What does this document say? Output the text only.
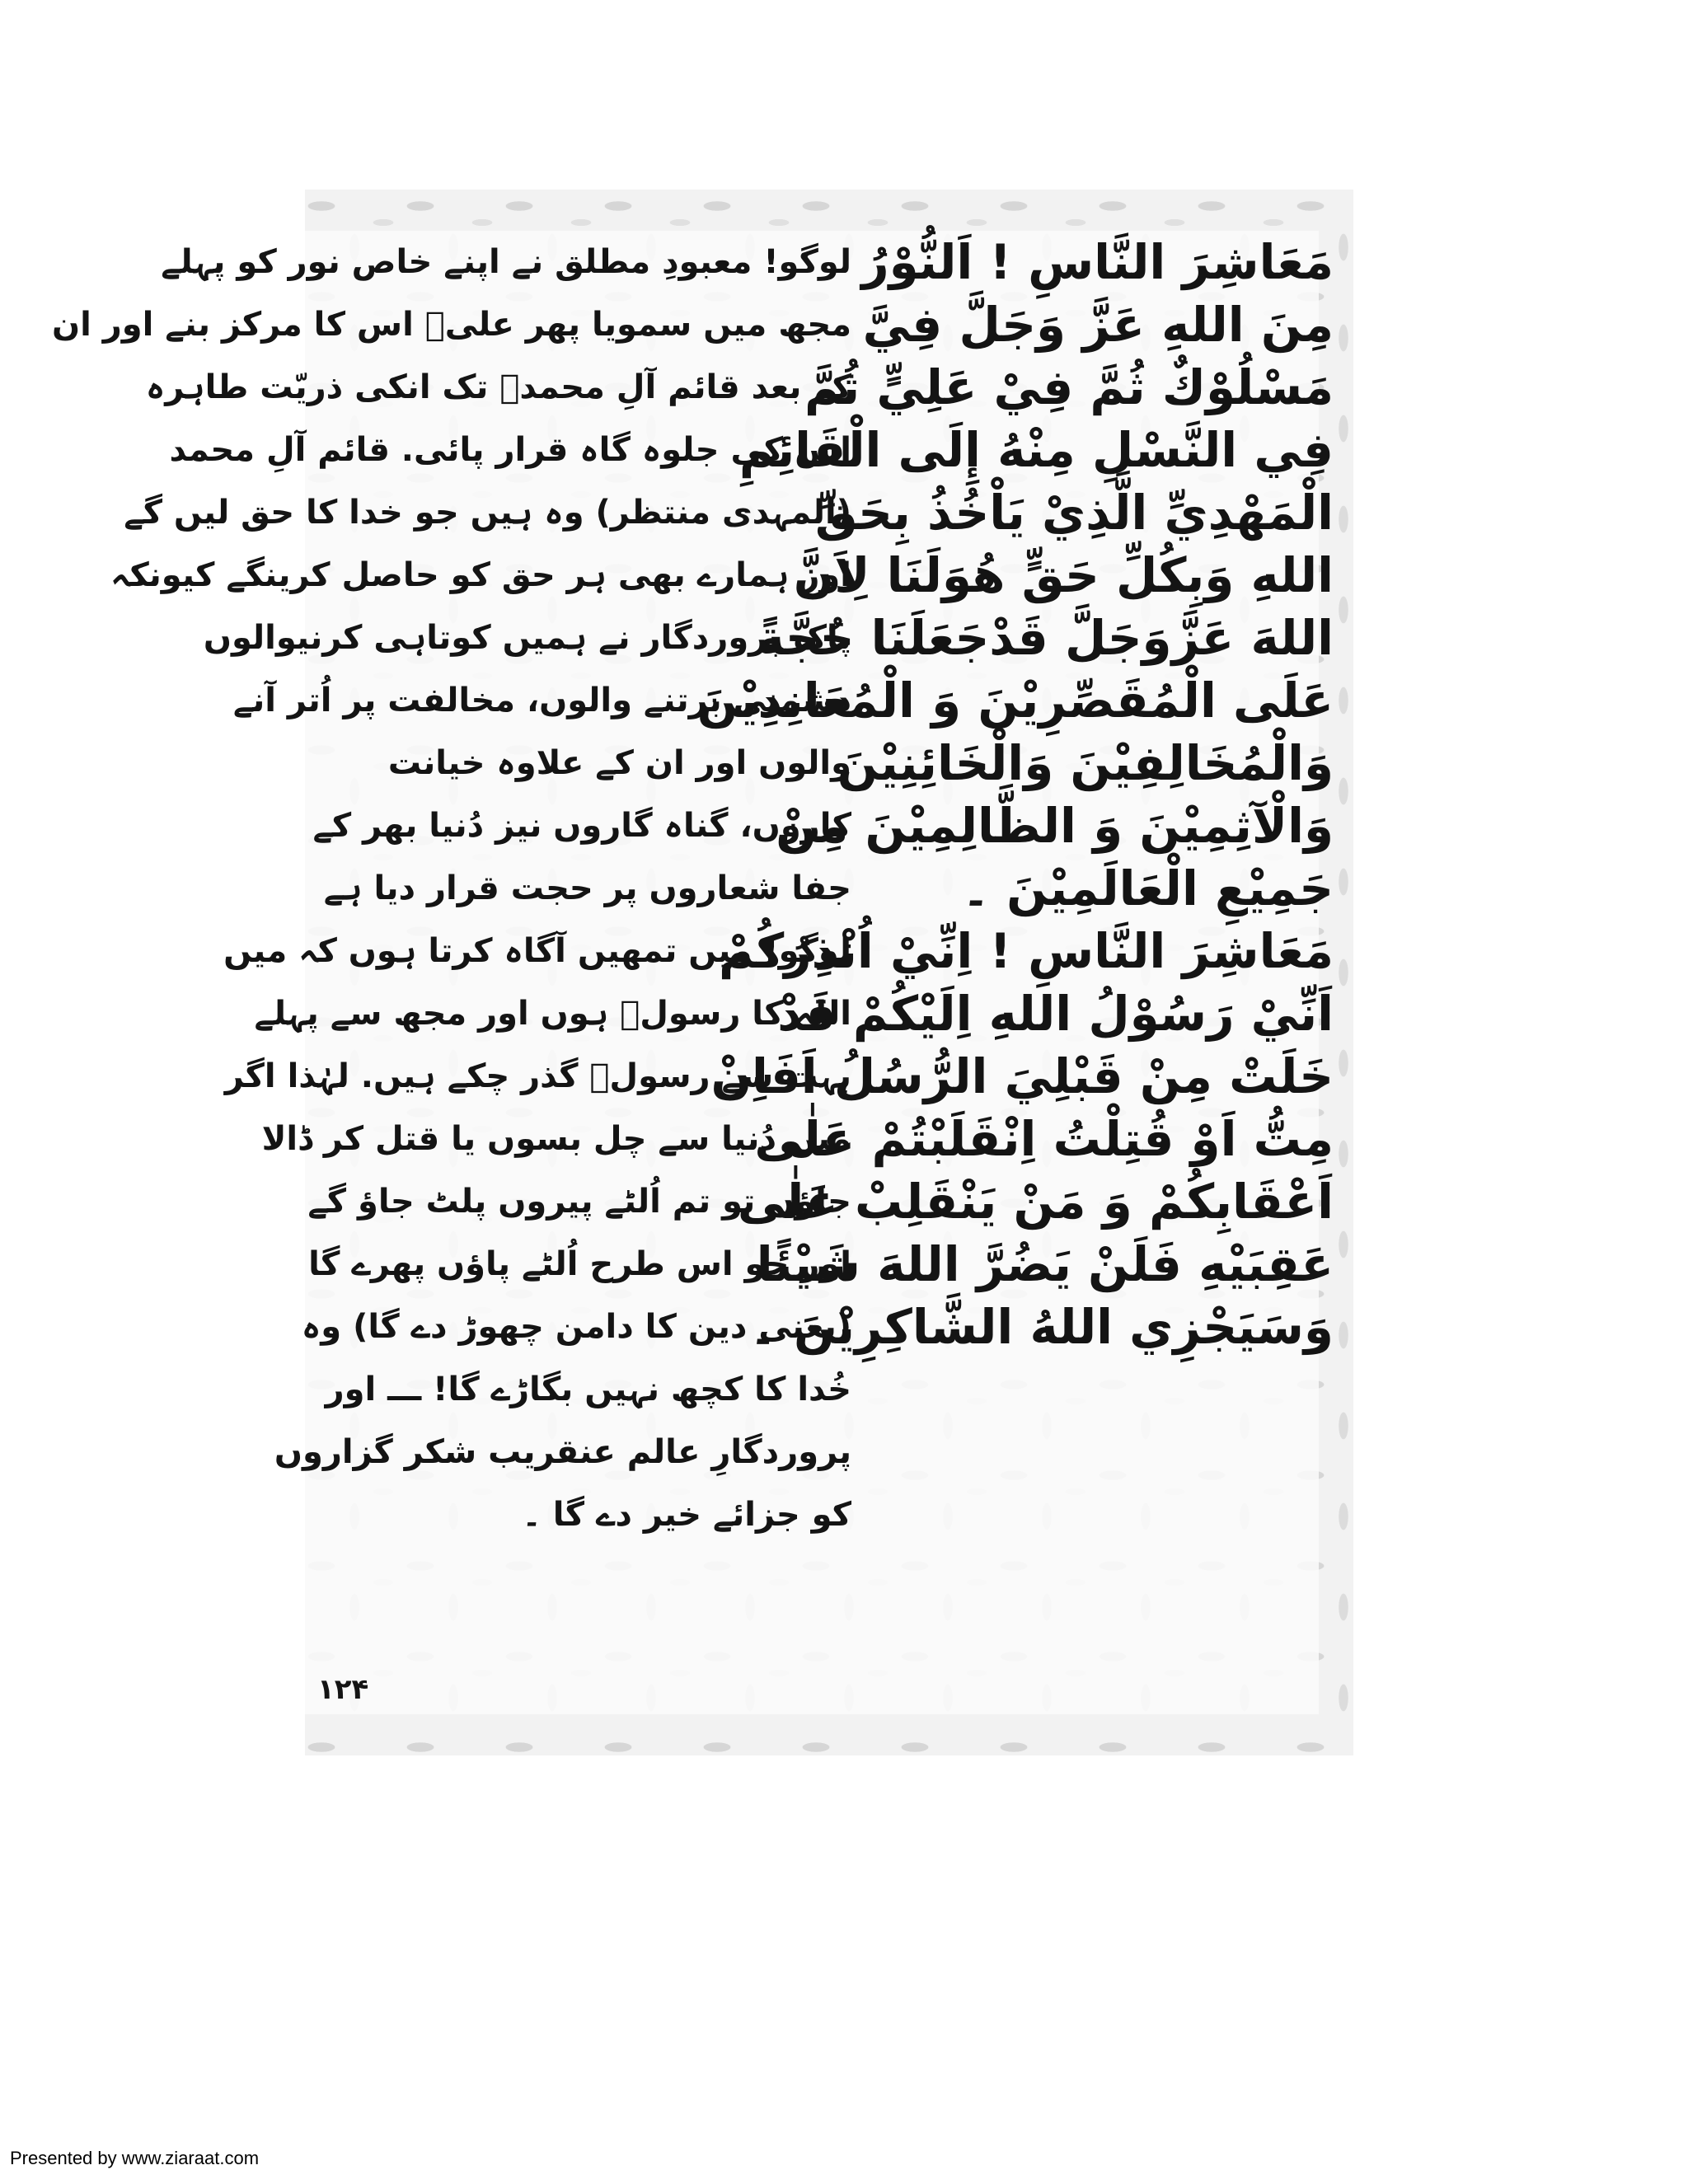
مَعَاشِرَ النَّاسِ ! اَلنُّوْرُ
مِنَ اللهِ عَزَّ وَجَلَّ فِيَّ
مَسْلُوْكٌ ثُمَّ فِيْ عَلِيٍّ ثُمَّ
فِي النَّسْلِ مِنْهُ إِلَى الْقَائِمِ
الْمَهْدِيِّ الَّذِيْ يَاْخُذُ بِحَقِّ
اللهِ وَبِكُلِّ حَقٍّ هُوَلَنَا لِاَنَّ
اللهَ عَزَّوَجَلَّ قَدْجَعَلَنَا حُجَّةً
عَلَى الْمُقَصِّرِيْنَ وَ الْمُعَانِدِيْنَ
وَالْمُخَالِفِيْنَ وَالْخَائِنِيْنَ
وَالْآثِمِيْنَ وَ الظَّالِمِيْنَ مِنْ
جَمِيْعِ الْعَالَمِيْنَ ۔
مَعَاشِرَ النَّاسِ ! اِنِّيْ اُنْذِرُكُمْ
اَنِّيْ رَسُوْلُ اللهِ اِلَيْكُمْ قَدْ
خَلَتْ مِنْ قَبْلِيَ الرُّسُلُ اَفَاِنْ
مِتُّ اَوْ قُتِلْتُ اِنْقَلَبْتُمْ عَلٰى
اَعْقَابِكُمْ وَ مَنْ يَنْقَلِبْ عَلٰى
عَقِبَيْهِ فَلَنْ يَضُرَّ اللهَ شَيْئًا
وَسَيَجْزِي اللهُ الشَّاكِرِيْنَ ۔
لوگو! معبودِ مطلق نے اپنے خاص نور کو پہلے
مجھ میں سمویا پھر علیؑ اس کا مرکز بنے اور ان
کے بعد قائم آلِ محمدؐ تک انکی ذریّت طاہرہ
اس کی جلوہ گاہ قرار پائی. قائم آلِ محمد
(المہدی منتظر) وہ ہیں جو خدا کا حق لیں گے
اور ہمارے بھی ہر حق کو حاصل کرینگے کیونکہ
پاک پروردگار نے ہمیں کوتاہی کرنیوالوں
دشمنی برتنے والوں، مخالفت پر اُتر آنے
والوں اور ان کے علاوہ خیانت
کاروں، گناہ گاروں نیز دُنیا بھر کے
جفا شعاروں پر حجت قرار دیا ہے
لوگو! میں تمھیں آگاہ کرتا ہوں کہ میں
اللہ کا رسولؐ ہوں اور مجھ سے پہلے
بہت سے رسولؐ گذر چکے ہیں. لہٰذا اگر
میں دُنیا سے چل بسوں یا قتل کر ڈالا
جاؤں تو تم اُلٹے پیروں پلٹ جاؤ گے
اور جو اس طرح اُلٹے پاؤں پھرے گا
(یعنی دین کا دامن چھوڑ دے گا) وہ
خُدا کا کچھ نہیں بگاڑے گا! ـــ اور
پروردگارِ عالم عنقریب شکر گزاروں
کو جزائے خیر دے گا ۔
۱۲۴
Presented by www.ziaraat.com
